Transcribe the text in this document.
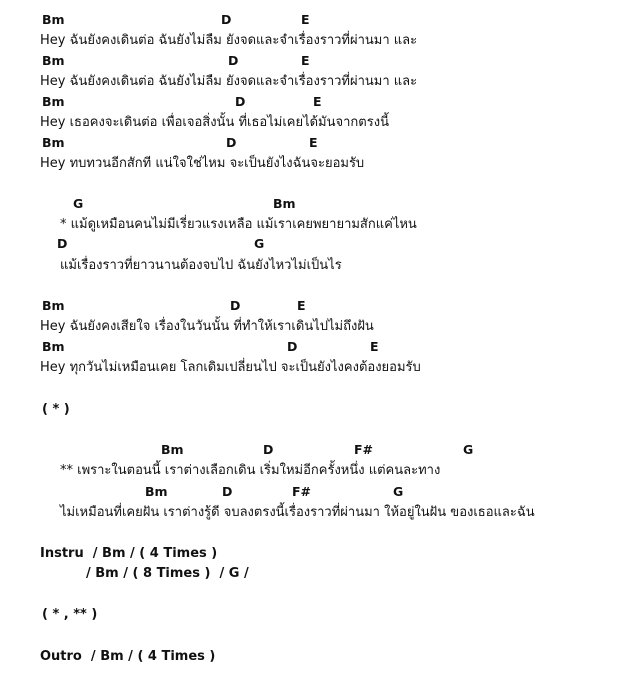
Bm	D	E
Hey ฉันยังคงเดินต่อ ฉันยังไม่ลืม ยังจดและจำเรื่องราวที่ผ่านมา และ
Bm	D	E
Hey ฉันยังคงเดินต่อ ฉันยังไม่ลืม ยังจดและจำเรื่องราวที่ผ่านมา และ
Bm	D	E
Hey เธอคงจะเดินต่อ เพื่อเจอสิ่งนั้น ที่เธอไม่เคยได้มันจากตรงนี้
Bm	D	E
Hey ทบทวนอีกสักที แน่ใจใช่ไหม จะเป็นยังไงฉันจะยอมรับ
G	Bm
* แม้ดูเหมือนคนไม่มีเรี่ยวแรงเหลือ แม้เราเคยพยายามสักแค่ไหน
D	G
แม้เรื่องราวที่ยาวนานต้องจบไป ฉันยังไหวไม่เป็นไร
Bm	D	E
Hey ฉันยังคงเสียใจ เรื่องในวันนั้น ที่ทำให้เราเดินไปไม่ถึงฝัน
Bm	D	E
Hey ทุกวันไม่เหมือนเคย โลกเดิมเปลี่ยนไป จะเป็นยังไงคงต้องยอมรับ
( * )
Bm	D	F#	G
** เพราะในตอนนี้ เราต่างเลือกเดิน เริ่มใหม่อีกครั้งหนึ่ง แต่คนละทาง
Bm	D	F#	G
ไม่เหมือนที่เคยฝัน เราต่างรู้ดี จบลงตรงนี้เรื่องราวที่ผ่านมา ให้อยู่ในฝัน ของเธอและฉัน
Instru  / Bm / ( 4 Times )
/ Bm / ( 8 Times )  / G /
( * , ** )
Outro  / Bm / ( 4 Times )
